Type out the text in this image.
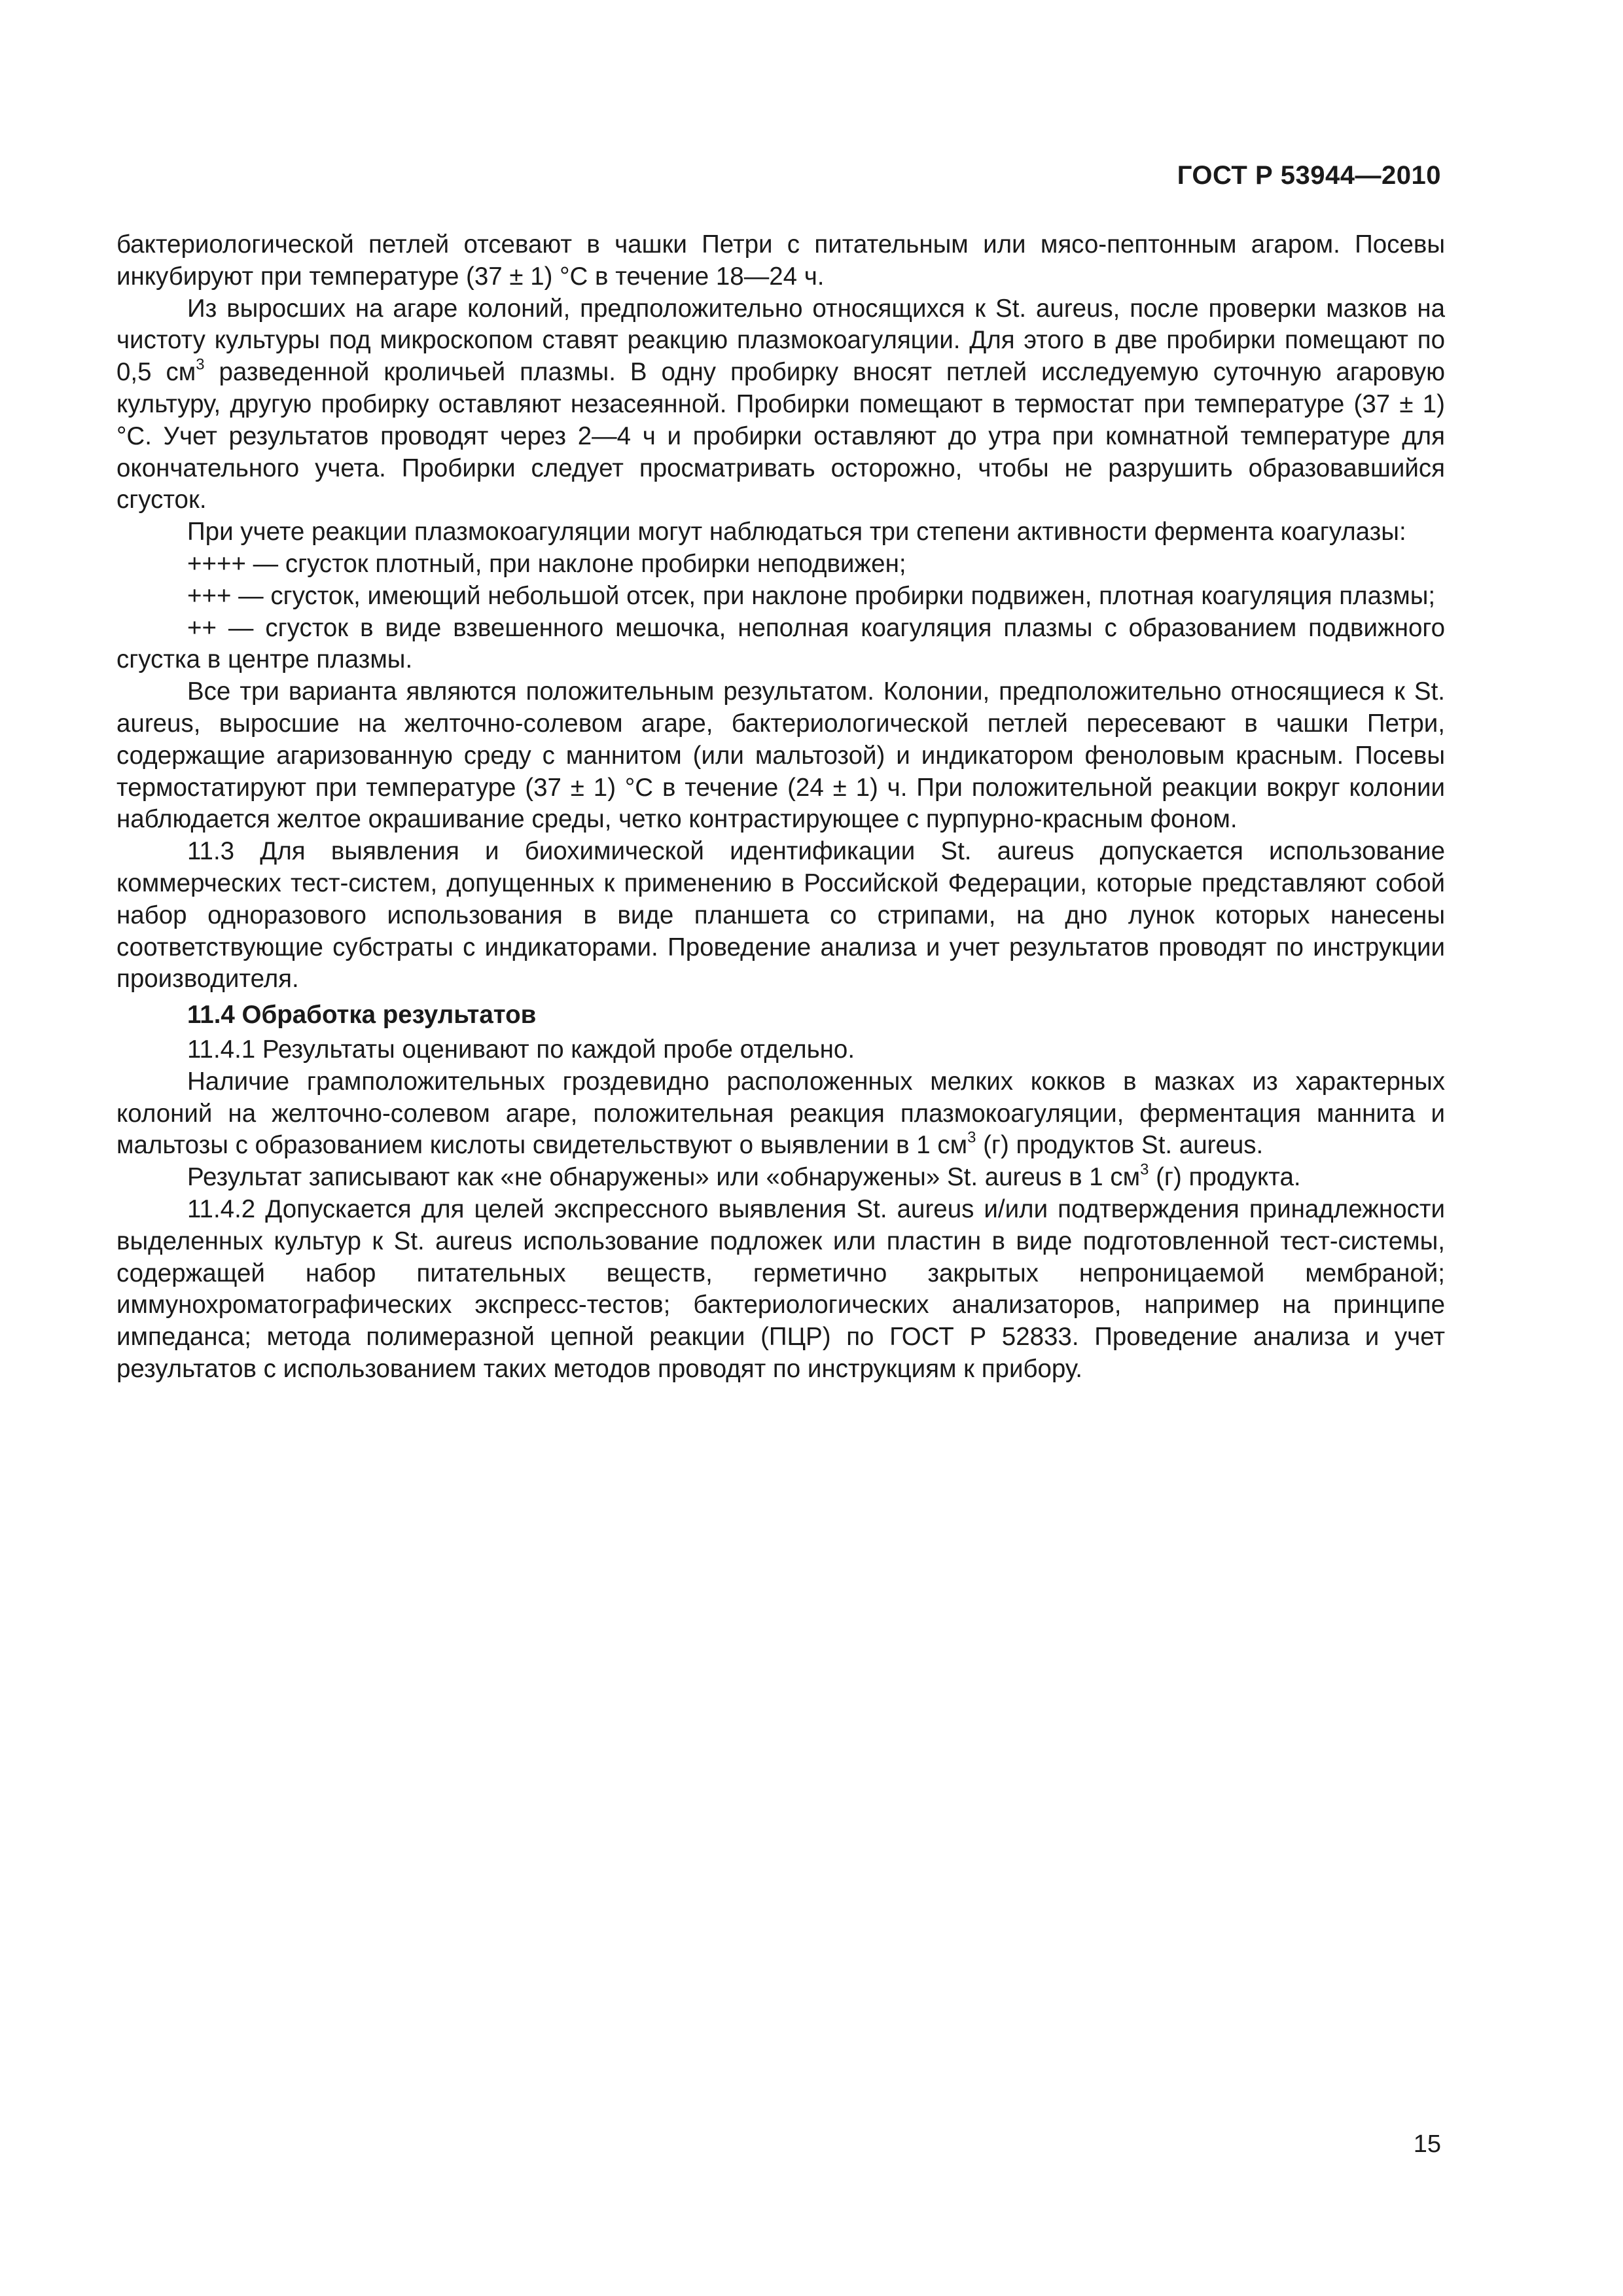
ГОСТ Р 53944—2010

бактериологической петлей отсевают в чашки Петри с питательным или мясо-пептонным агаром. Посевы инкубируют при температуре (37 ± 1) °С в течение 18—24 ч.

Из выросших на агаре колоний, предположительно относящихся к St. aureus, после проверки мазков на чистоту культуры под микроскопом ставят реакцию плазмокоагуляции. Для этого в две пробирки помещают по 0,5 $см^3$ разведенной кроличьей плазмы. В одну пробирку вносят петлей исследуемую суточную агаровую культуру, другую пробирку оставляют незасеянной. Пробирки помещают в термостат при температуре (37 ± 1) °С. Учет результатов проводят через 2—4 ч и пробирки оставляют до утра при комнатной температуре для окончательного учета. Пробирки следует просматривать осторожно, чтобы не разрушить образовавшийся сгусток.

При учете реакции плазмокоагуляции могут наблюдаться три степени активности фермента коагулазы:

++++ — сгусток плотный, при наклоне пробирки неподвижен;

+++ — сгусток, имеющий небольшой отсек, при наклоне пробирки подвижен, плотная коагуляция плазмы;

++ — сгусток в виде взвешенного мешочка, неполная коагуляция плазмы с образованием подвижного сгустка в центре плазмы.

Все три варианта являются положительным результатом. Колонии, предположительно относящиеся к St. aureus, выросшие на желточно-солевом агаре, бактериологической петлей пересевают в чашки Петри, содержащие агаризованную среду с маннитом (или мальтозой) и индикатором феноловым красным. Посевы термостатируют при температуре (37 ± 1) °С в течение (24 ± 1) ч. При положительной реакции вокруг колонии наблюдается желтое окрашивание среды, четко контрастирующее с пурпурно-красным фоном.

11.3 Для выявления и биохимической идентификации St. aureus допускается использование коммерческих тест-систем, допущенных к применению в Российской Федерации, которые представляют собой набор одноразового использования в виде планшета со стрипами, на дно лунок которых нанесены соответствующие субстраты с индикаторами. Проведение анализа и учет результатов проводят по инструкции производителя.

11.4 Обработка результатов

11.4.1 Результаты оценивают по каждой пробе отдельно.

Наличие грамположительных гроздевидно расположенных мелких кокков в мазках из характерных колоний на желточно-солевом агаре, положительная реакция плазмокоагуляции, ферментация маннита и мальтозы с образованием кислоты свидетельствуют о выявлении в 1 $см^3$ (г) продуктов St. aureus.

Результат записывают как «не обнаружены» или «обнаружены» St. aureus в 1 $см^3$ (г) продукта.

11.4.2 Допускается для целей экспрессного выявления St. aureus и/или подтверждения принадлежности выделенных культур к St. aureus использование подложек или пластин в виде подготовленной тест-системы, содержащей набор питательных веществ, герметично закрытых непроницаемой мембраной; иммунохроматографических экспресс-тестов; бактериологических анализаторов, например на принципе импеданса; метода полимеразной цепной реакции (ПЦР) по ГОСТ Р 52833. Проведение анализа и учет результатов с использованием таких методов проводят по инструкциям к прибору.

15
